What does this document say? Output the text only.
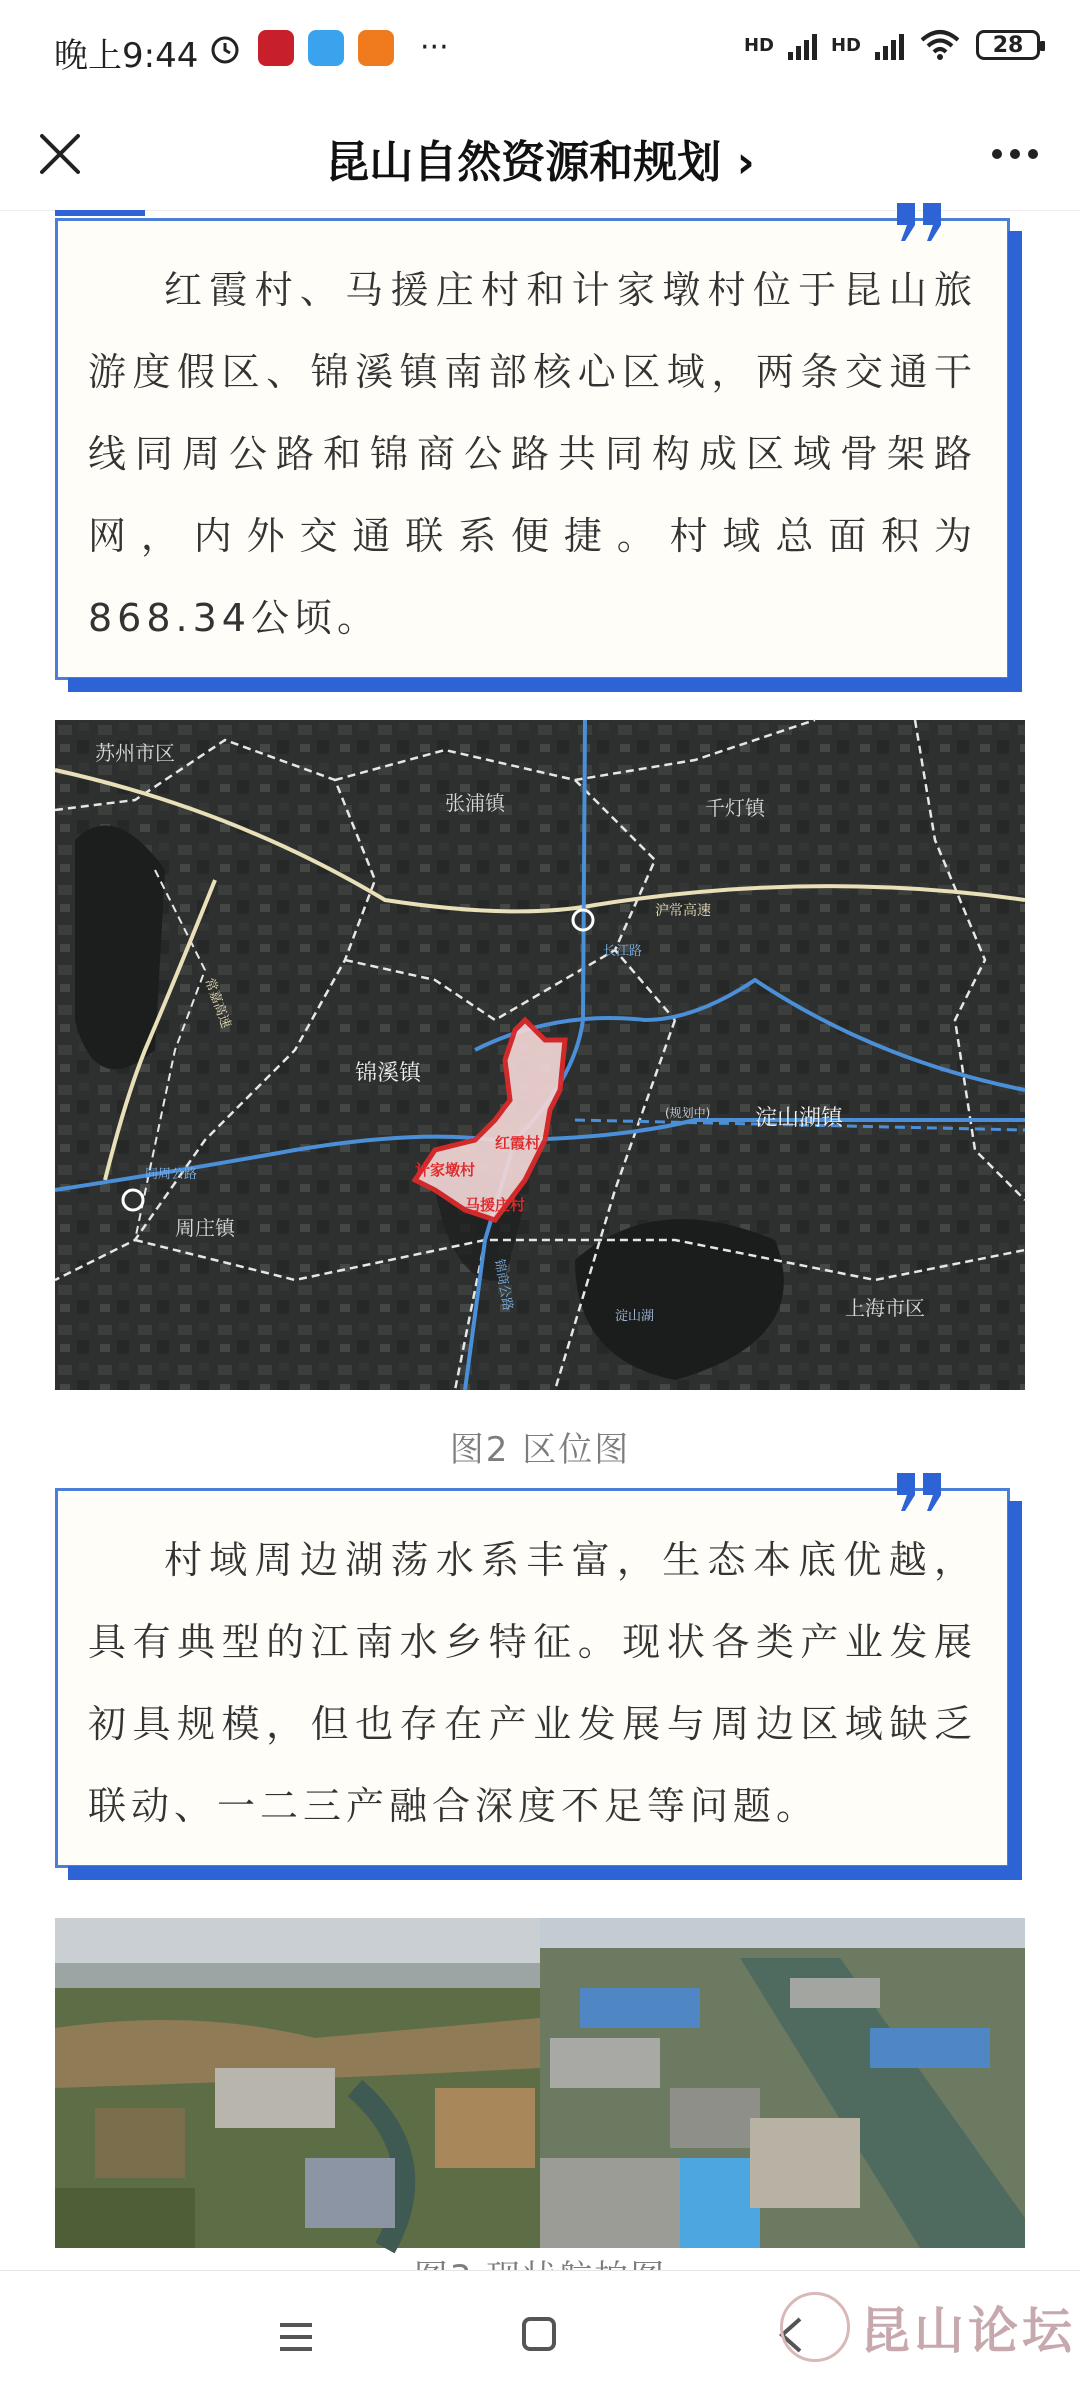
晚上9:44	···	HD	HD	28
昆山自然资源和规划 ›
红霞村、马援庄村和计家墩村位于昆山旅游度假区、锦溪镇南部核心区域，两条交通干线同周公路和锦商公路共同构成区域骨架路网，内外交通联系便捷。村域总面积为868.34公顷。
苏州市区
张浦镇	千灯镇
锦溪镇
淀山湖镇
周庄镇
上海市区
沪常高速
常嘉高速
长江路
同周公路
锦商公路
(规划中)
淀山湖
红霞村
计家墩村
马援庄村
图2 区位图
村域周边湖荡水系丰富，生态本底优越，具有典型的江南水乡特征。现状各类产业发展初具规模，但也存在产业发展与周边区域缺乏联动、一二三产融合深度不足等问题。
昆山论坛
